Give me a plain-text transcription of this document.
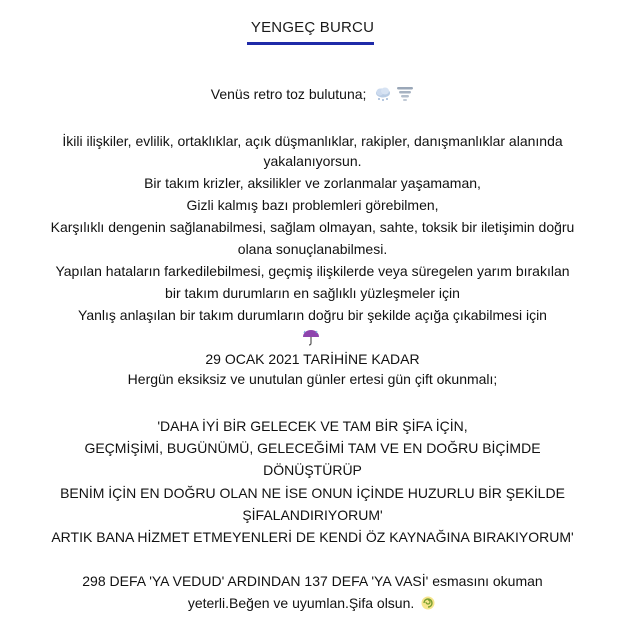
YENGEÇ BURCU
Venüs retro toz bulutuna;
İkili ilişkiler, evlilik, ortaklıklar, açık düşmanlıklar, rakipler, danışmanlıklar alanında
yakalanıyorsun.
Bir takım krizler, aksilikler ve zorlanmalar yaşamaman,
Gizli kalmış bazı problemleri görebilmen,
Karşılıklı dengenin sağlanabilmesi, sağlam olmayan, sahte, toksik bir iletişimin doğru
olana sonuçlanabilmesi.
Yapılan hataların farkedilebilmesi, geçmiş ilişkilerde veya süregelen yarım bırakılan
bir takım durumların en sağlıklı yüzleşmeler için
Yanlış anlaşılan bir takım durumların doğru bir şekilde açığa çıkabilmesi için
29 OCAK 2021 TARİHİNE KADAR
Hergün eksiksiz ve unutulan günler ertesi gün çift okunmalı;
'DAHA İYİ BİR GELECEK VE TAM BİR ŞİFA İÇİN,
GEÇMİŞİMİ, BUGÜNÜMÜ, GELECEĞİMİ TAM VE EN DOĞRU BİÇİMDE
DÖNÜŞTÜRÜP
BENİM İÇİN EN DOĞRU OLAN NE İSE ONUN İÇİNDE HUZURLU BİR ŞEKİLDE
ŞİFALANDIRIYORUM'
ARTIK BANA HİZMET ETMEYENLERİ DE KENDİ ÖZ KAYNAĞINA BIRAKIYORUM'
298 DEFA 'YA VEDUD' ARDINDAN 137 DEFA 'YA VASİ' esmasını okuman
yeterli.Beğen ve uyumlan.Şifa olsun.
